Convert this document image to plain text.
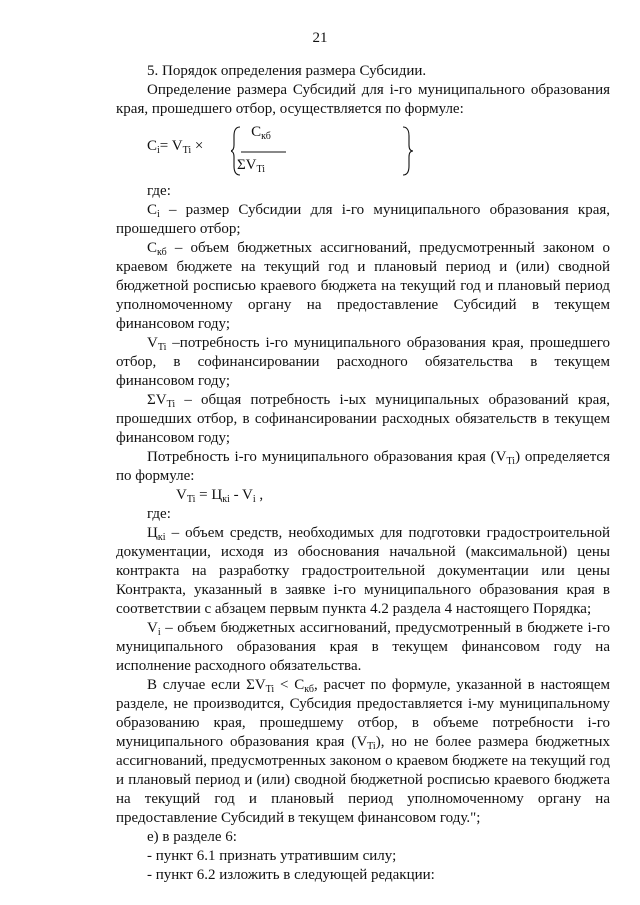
21

5. Порядок определения размера Субсидии.

Определение размера Субсидий для i-го муниципального образования края, прошедшего отбор, осуществляется по формуле:

$C_i= V_{Ti}$ ×
$C_{кб}$
$\Sigma V_{Ti}$

где:

$C_i$ – размер Субсидии для i-го муниципального образования края, прошедшего отбор;

$C_{кб}$ – объем бюджетных ассигнований, предусмотренный законом о краевом бюджете на текущий год и плановый период и (или) сводной бюджетной росписью краевого бюджета на текущий год и плановый период уполномоченному органу на предоставление Субсидий в текущем финансовом году;

$V_{Ti}$ –потребность i-го муниципального образования края, прошедшего отбор, в софинансировании расходного обязательства в текущем финансовом году;

$\Sigma V_{Ti}$ – общая потребность i-ых муниципальных образований края, прошедших отбор, в софинансировании расходных обязательств в текущем финансовом году;

Потребность i-го муниципального образования края $(V_{Ti})$ определяется по формуле:

$V_{Ti} = Ц_{кi} - V_i$ ,

где:

$Ц_{кi}$ – объем средств, необходимых для подготовки градостроительной документации, исходя из обоснования начальной (максимальной) цены контракта на разработку градостроительной документации или цены Контракта, указанный в заявке i-го муниципального образования края в соответствии с абзацем первым пункта 4.2 раздела 4 настоящего Порядка;

$V_i$ – объем бюджетных ассигнований, предусмотренный в бюджете i-го муниципального образования края в текущем финансовом году на исполнение расходного обязательства.

В случае если $\Sigma V_{Ti} < C_{кб}$, расчет по формуле, указанной в настоящем разделе, не производится, Субсидия предоставляется i-му муниципальному образованию края, прошедшему отбор, в объеме потребности i-го муниципального образования края $(V_{Ti})$, но не более размера бюджетных ассигнований, предусмотренных законом о краевом бюджете на текущий год и плановый период и (или) сводной бюджетной росписью краевого бюджета на текущий год и плановый период уполномоченному органу на предоставление Субсидий в текущем финансовом году.";

е) в разделе 6:

- пункт 6.1 признать утратившим силу;

- пункт 6.2 изложить в следующей редакции:
